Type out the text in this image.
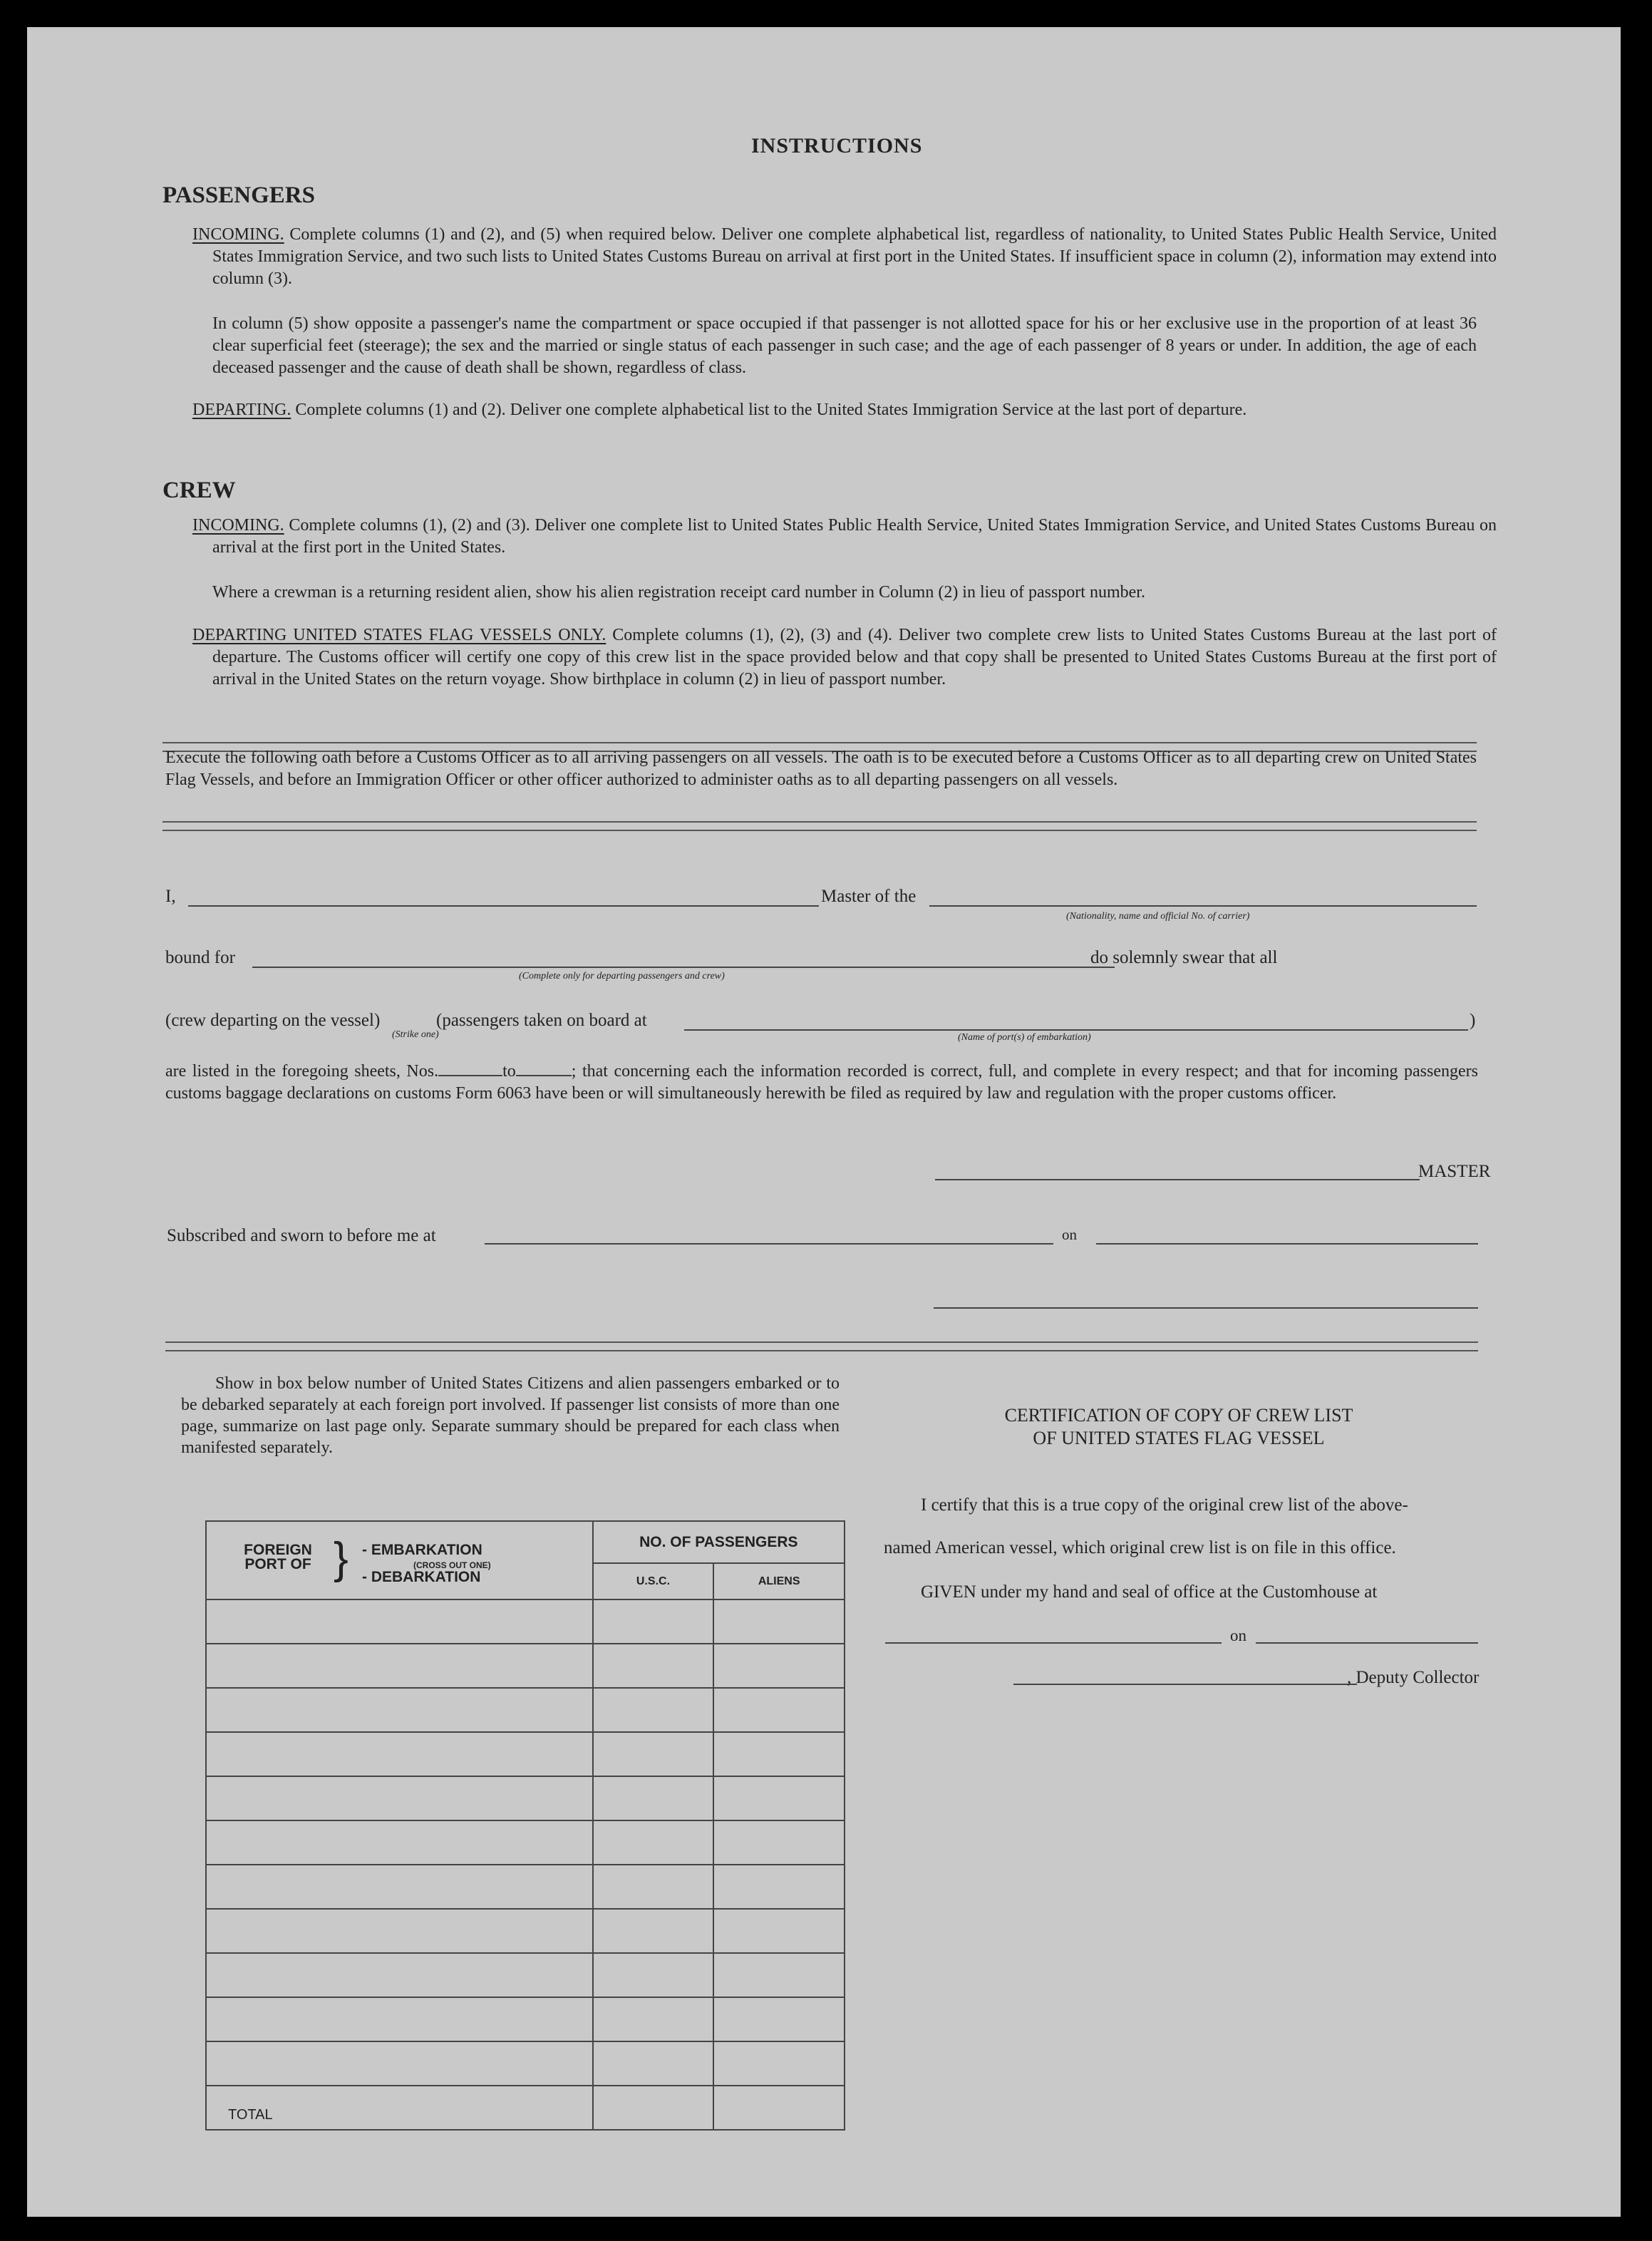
INSTRUCTIONS
PASSENGERS
INCOMING. Complete columns (1) and (2), and (5) when required below. Deliver one complete alphabetical list, regardless of nationality, to United States Public Health Service, United States Immigration Service, and two such lists to United States Customs Bureau on arrival at first port in the United States. If insufficient space in column (2), information may extend into column (3).
In column (5) show opposite a passenger's name the compartment or space occupied if that passenger is not allotted space for his or her exclusive use in the proportion of at least 36 clear superficial feet (steerage); the sex and the married or single status of each passenger in such case; and the age of each passenger of 8 years or under. In addition, the age of each deceased passenger and the cause of death shall be shown, regardless of class.
DEPARTING. Complete columns (1) and (2). Deliver one complete alphabetical list to the United States Immigration Service at the last port of departure.
CREW
INCOMING. Complete columns (1), (2) and (3). Deliver one complete list to United States Public Health Service, United States Immigration Service, and United States Customs Bureau on arrival at the first port in the United States.
Where a crewman is a returning resident alien, show his alien registration receipt card number in Column (2) in lieu of passport number.
DEPARTING UNITED STATES FLAG VESSELS ONLY. Complete columns (1), (2), (3) and (4). Deliver two complete crew lists to United States Customs Bureau at the last port of departure. The Customs officer will certify one copy of this crew list in the space provided below and that copy shall be presented to United States Customs Bureau at the first port of arrival in the United States on the return voyage. Show birthplace in column (2) in lieu of passport number.
Execute the following oath before a Customs Officer as to all arriving passengers on all vessels. The oath is to be executed before a Customs Officer as to all departing crew on United States Flag Vessels, and before an Immigration Officer or other officer authorized to administer oaths as to all departing passengers on all vessels.
I,	Master of the
(Nationality, name and official No. of carrier)
bound for
(Complete only for departing passengers and crew)
do solemnly swear that all
(crew departing on the vessel)
(Strike one)
(passengers taken on board at	)
(Name of port(s) of embarkation)
are listed in the foregoing sheets, Nos.	to	; that concerning each the information recorded is correct, full, and complete in every respect; and that for incoming passengers customs baggage declarations on customs Form 6063 have been or will simultaneously herewith be filed as required by law and regulation with the proper customs officer.
MASTER
Subscribed and sworn to before me at	on
Show in box below number of United States Citizens and alien passengers embarked or to be debarked separately at each foreign port involved. If passenger list consists of more than one page, summarize on last page only. Separate summary should be prepared for each class when manifested separately.
FOREIGN PORT OF } - EMBARKATION
(CROSS OUT ONE)
- DEBARKATION	NO. OF PASSENGERS	
	U.S.C.	ALIENS

TOTAL		
CERTIFICATION OF COPY OF CREW LIST
OF UNITED STATES FLAG VESSEL
I certify that this is a true copy of the original crew list of the above-
named American vessel, which original crew list is on file in this office.
GIVEN under my hand and seal of office at the Customhouse at
on
, Deputy Collector
